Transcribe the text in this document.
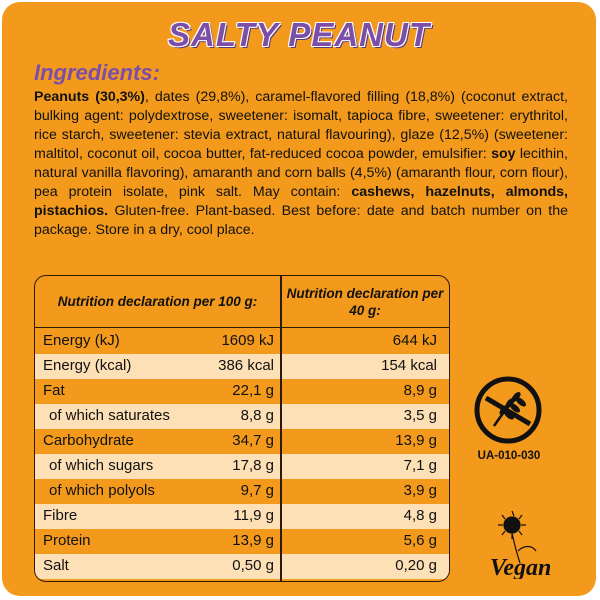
SALTY PEANUT
Ingredients:

Peanuts (30,3%), dates (29,8%), caramel-flavored filling (18,8%) (coconut extract, bulking agent: polydextrose, sweetener: isomalt, tapioca fibre, sweetener: erythritol, rice starch, sweetener: stevia extract, natural flavouring), glaze (12,5%) (sweetener: maltitol, coconut oil, cocoa butter, fat-reduced cocoa powder, emulsifier: soy lecithin, natural vanilla flavoring), amaranth and corn balls (4,5%) (amaranth flour, corn flour), pea protein isolate, pink salt. May contain: cashews, hazelnuts, almonds, pistachios. Gluten-free. Plant-based. Best before: date and batch number on the package. Store in a dry, cool place.

Nutrition declaration per 100 g:
Nutrition declaration per 40 g:
Energy (kJ)	1609 kJ	644 kJ
Energy (kcal)	386 kcal	154 kcal
Fat	22,1 g	8,9 g
of which saturates	8,8 g	3,5 g
Carbohydrate	34,7 g	13,9 g
of which sugars	17,8 g	7,1 g
of which polyols	9,7 g	3,9 g
Fibre	11,9 g	4,8 g
Protein	13,9 g	5,6 g
Salt	0,50 g	0,20 g
UA-010-030
Vegan
